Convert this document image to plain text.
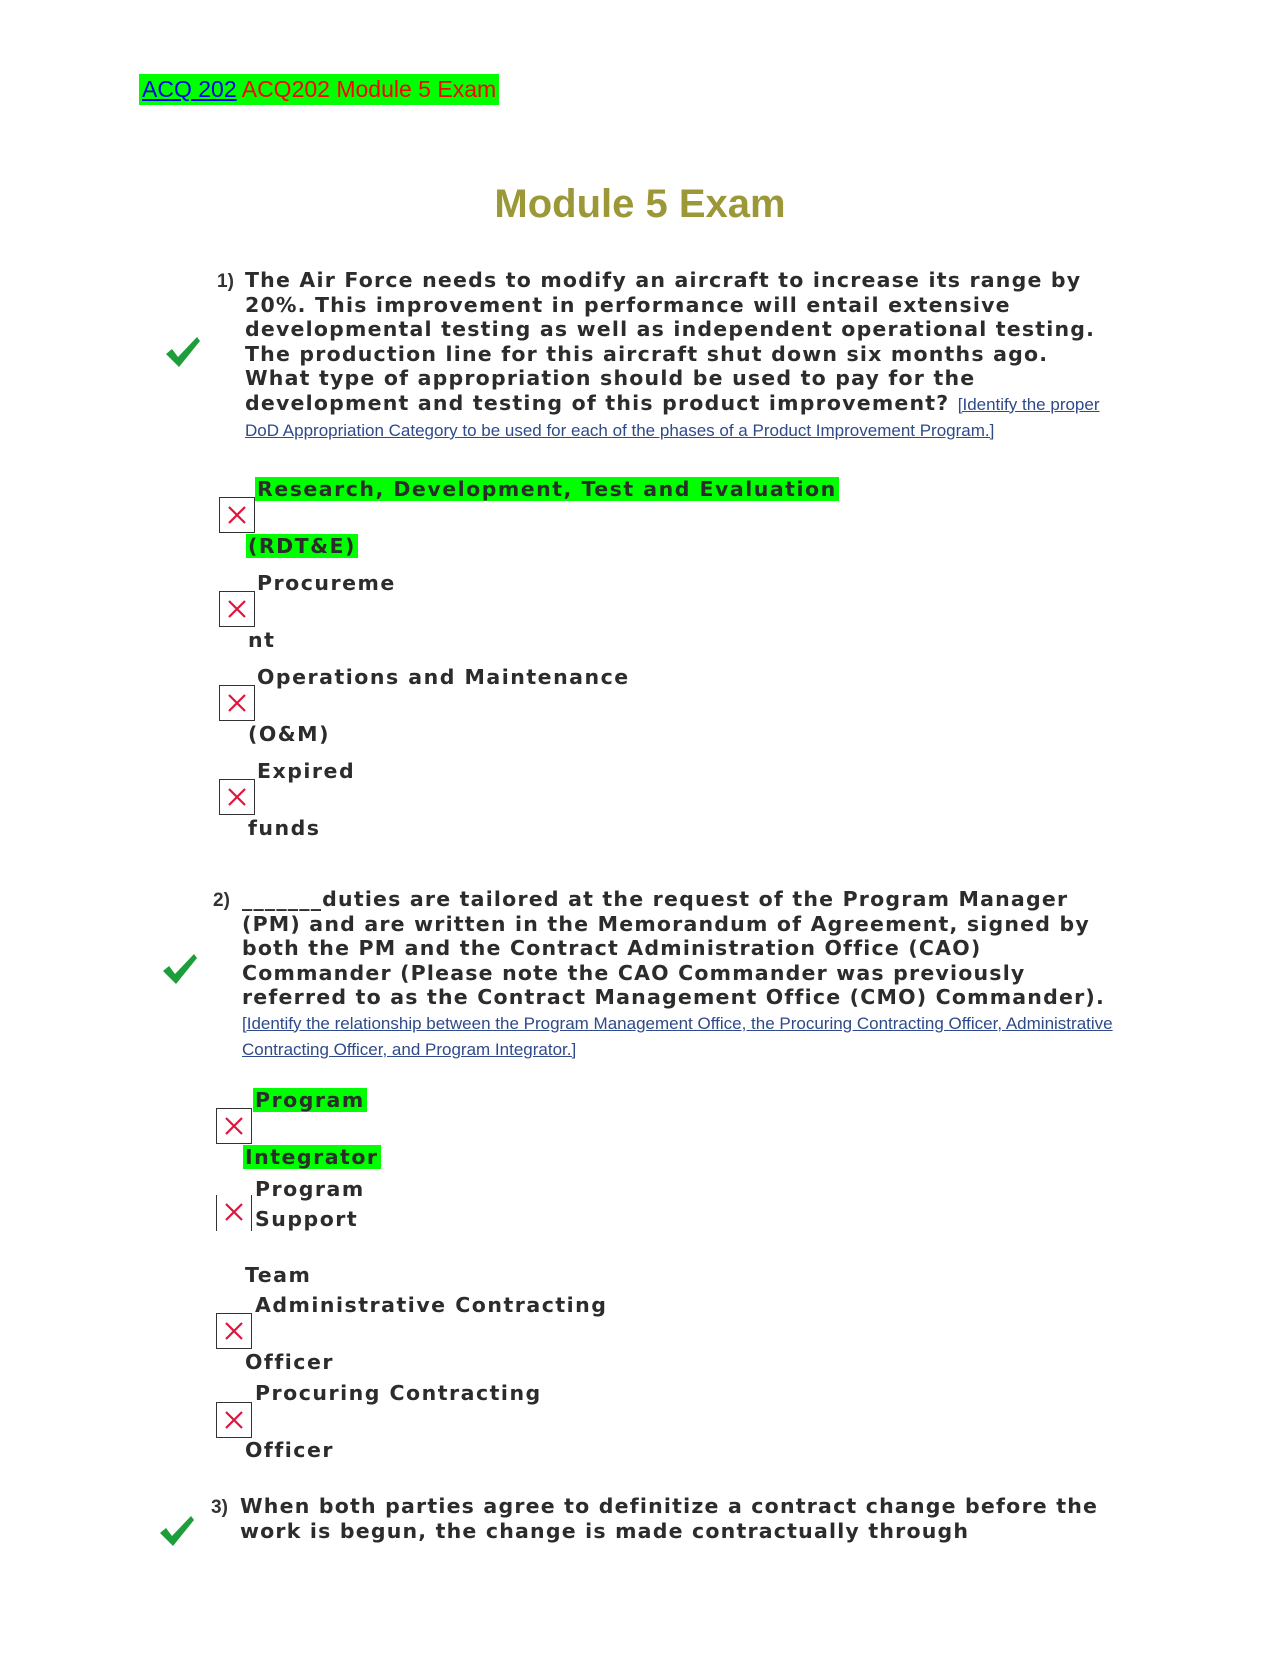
ACQ 202 ACQ202 Module 5 Exam
Module 5 Exam
1) The Air Force needs to modify an aircraft to increase its range by 20%. This improvement in performance will entail extensive developmental testing as well as independent operational testing. The production line for this aircraft shut down six months ago. What type of appropriation should be used to pay for the development and testing of this product improvement? [Identify the proper DoD Appropriation Category to be used for each of the phases of a Product Improvement Program.]
Research, Development, Test and Evaluation
(RDT&E)
Procureme
nt
Operations and Maintenance
(O&M)
Expired
funds
2) _______duties are tailored at the request of the Program Manager (PM) and are written in the Memorandum of Agreement, signed by both the PM and the Contract Administration Office (CAO) Commander (Please note the CAO Commander was previously referred to as the Contract Management Office (CMO) Commander). [Identify the relationship between the Program Management Office, the Procuring Contracting Officer, Administrative Contracting Officer, and Program Integrator.]
Program
Integrator
Program
Support
Team
Administrative Contracting
Officer
Procuring Contracting
Officer
3) When both parties agree to definitize a contract change before the work is begun, the change is made contractually through
